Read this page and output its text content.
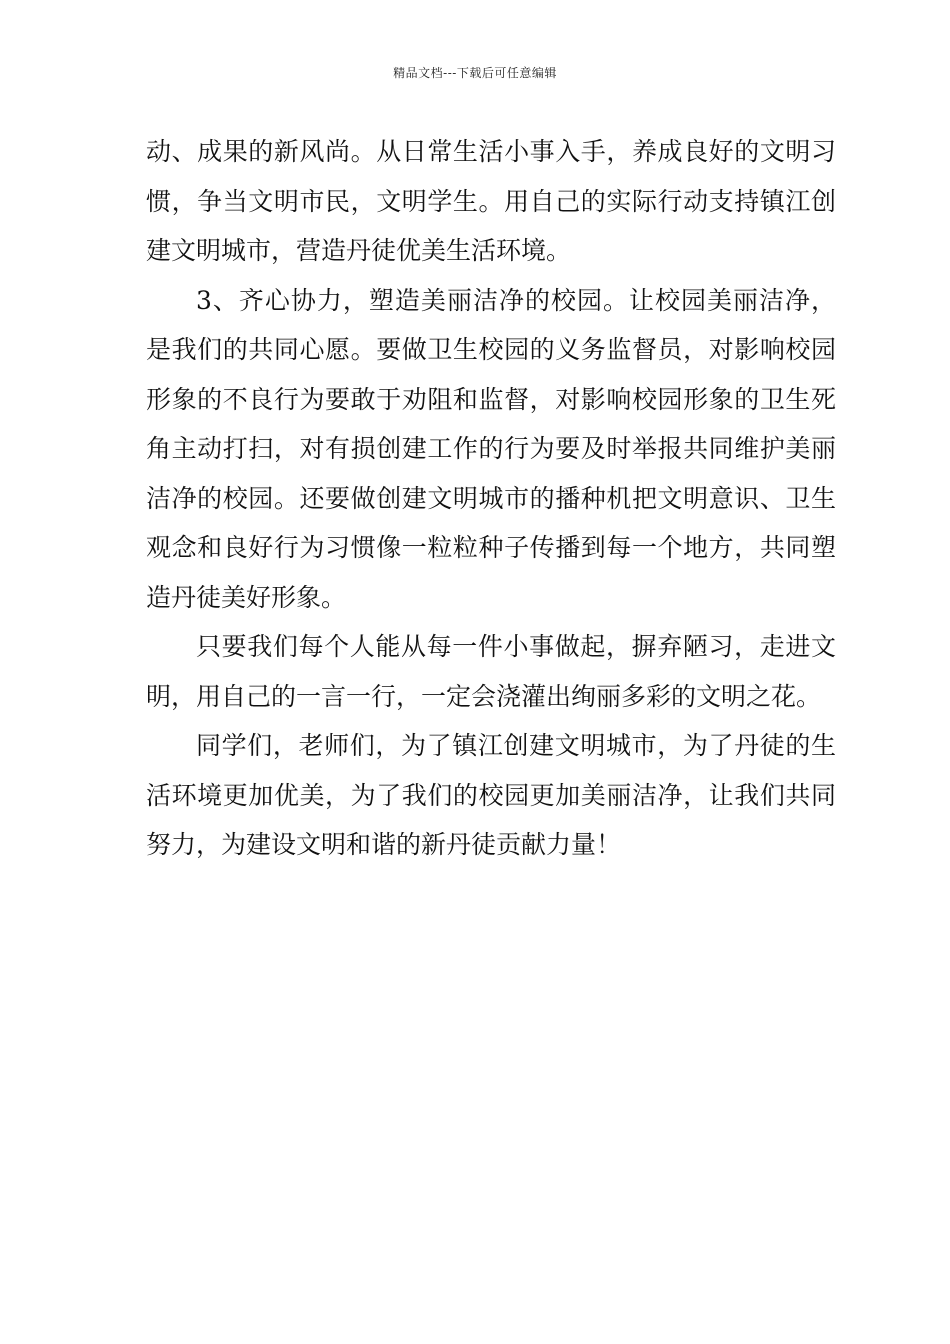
精品文档---下载后可任意编辑

动、成果的新风尚。从日常生活小事入手，养成良好的文明习惯，争当文明市民，文明学生。用自己的实际行动支持镇江创建文明城市，营造丹徒优美生活环境。

3、齐心协力，塑造美丽洁净的校园。让校园美丽洁净，是我们的共同心愿。要做卫生校园的义务监督员，对影响校园形象的不良行为要敢于劝阻和监督，对影响校园形象的卫生死角主动打扫，对有损创建工作的行为要及时举报共同维护美丽洁净的校园。还要做创建文明城市的播种机把文明意识、卫生观念和良好行为习惯像一粒粒种子传播到每一个地方，共同塑造丹徒美好形象。

只要我们每个人能从每一件小事做起，摒弃陋习，走进文明，用自己的一言一行，一定会浇灌出绚丽多彩的文明之花。

同学们，老师们，为了镇江创建文明城市，为了丹徒的生活环境更加优美，为了我们的校园更加美丽洁净，让我们共同努力，为建设文明和谐的新丹徒贡献力量！
